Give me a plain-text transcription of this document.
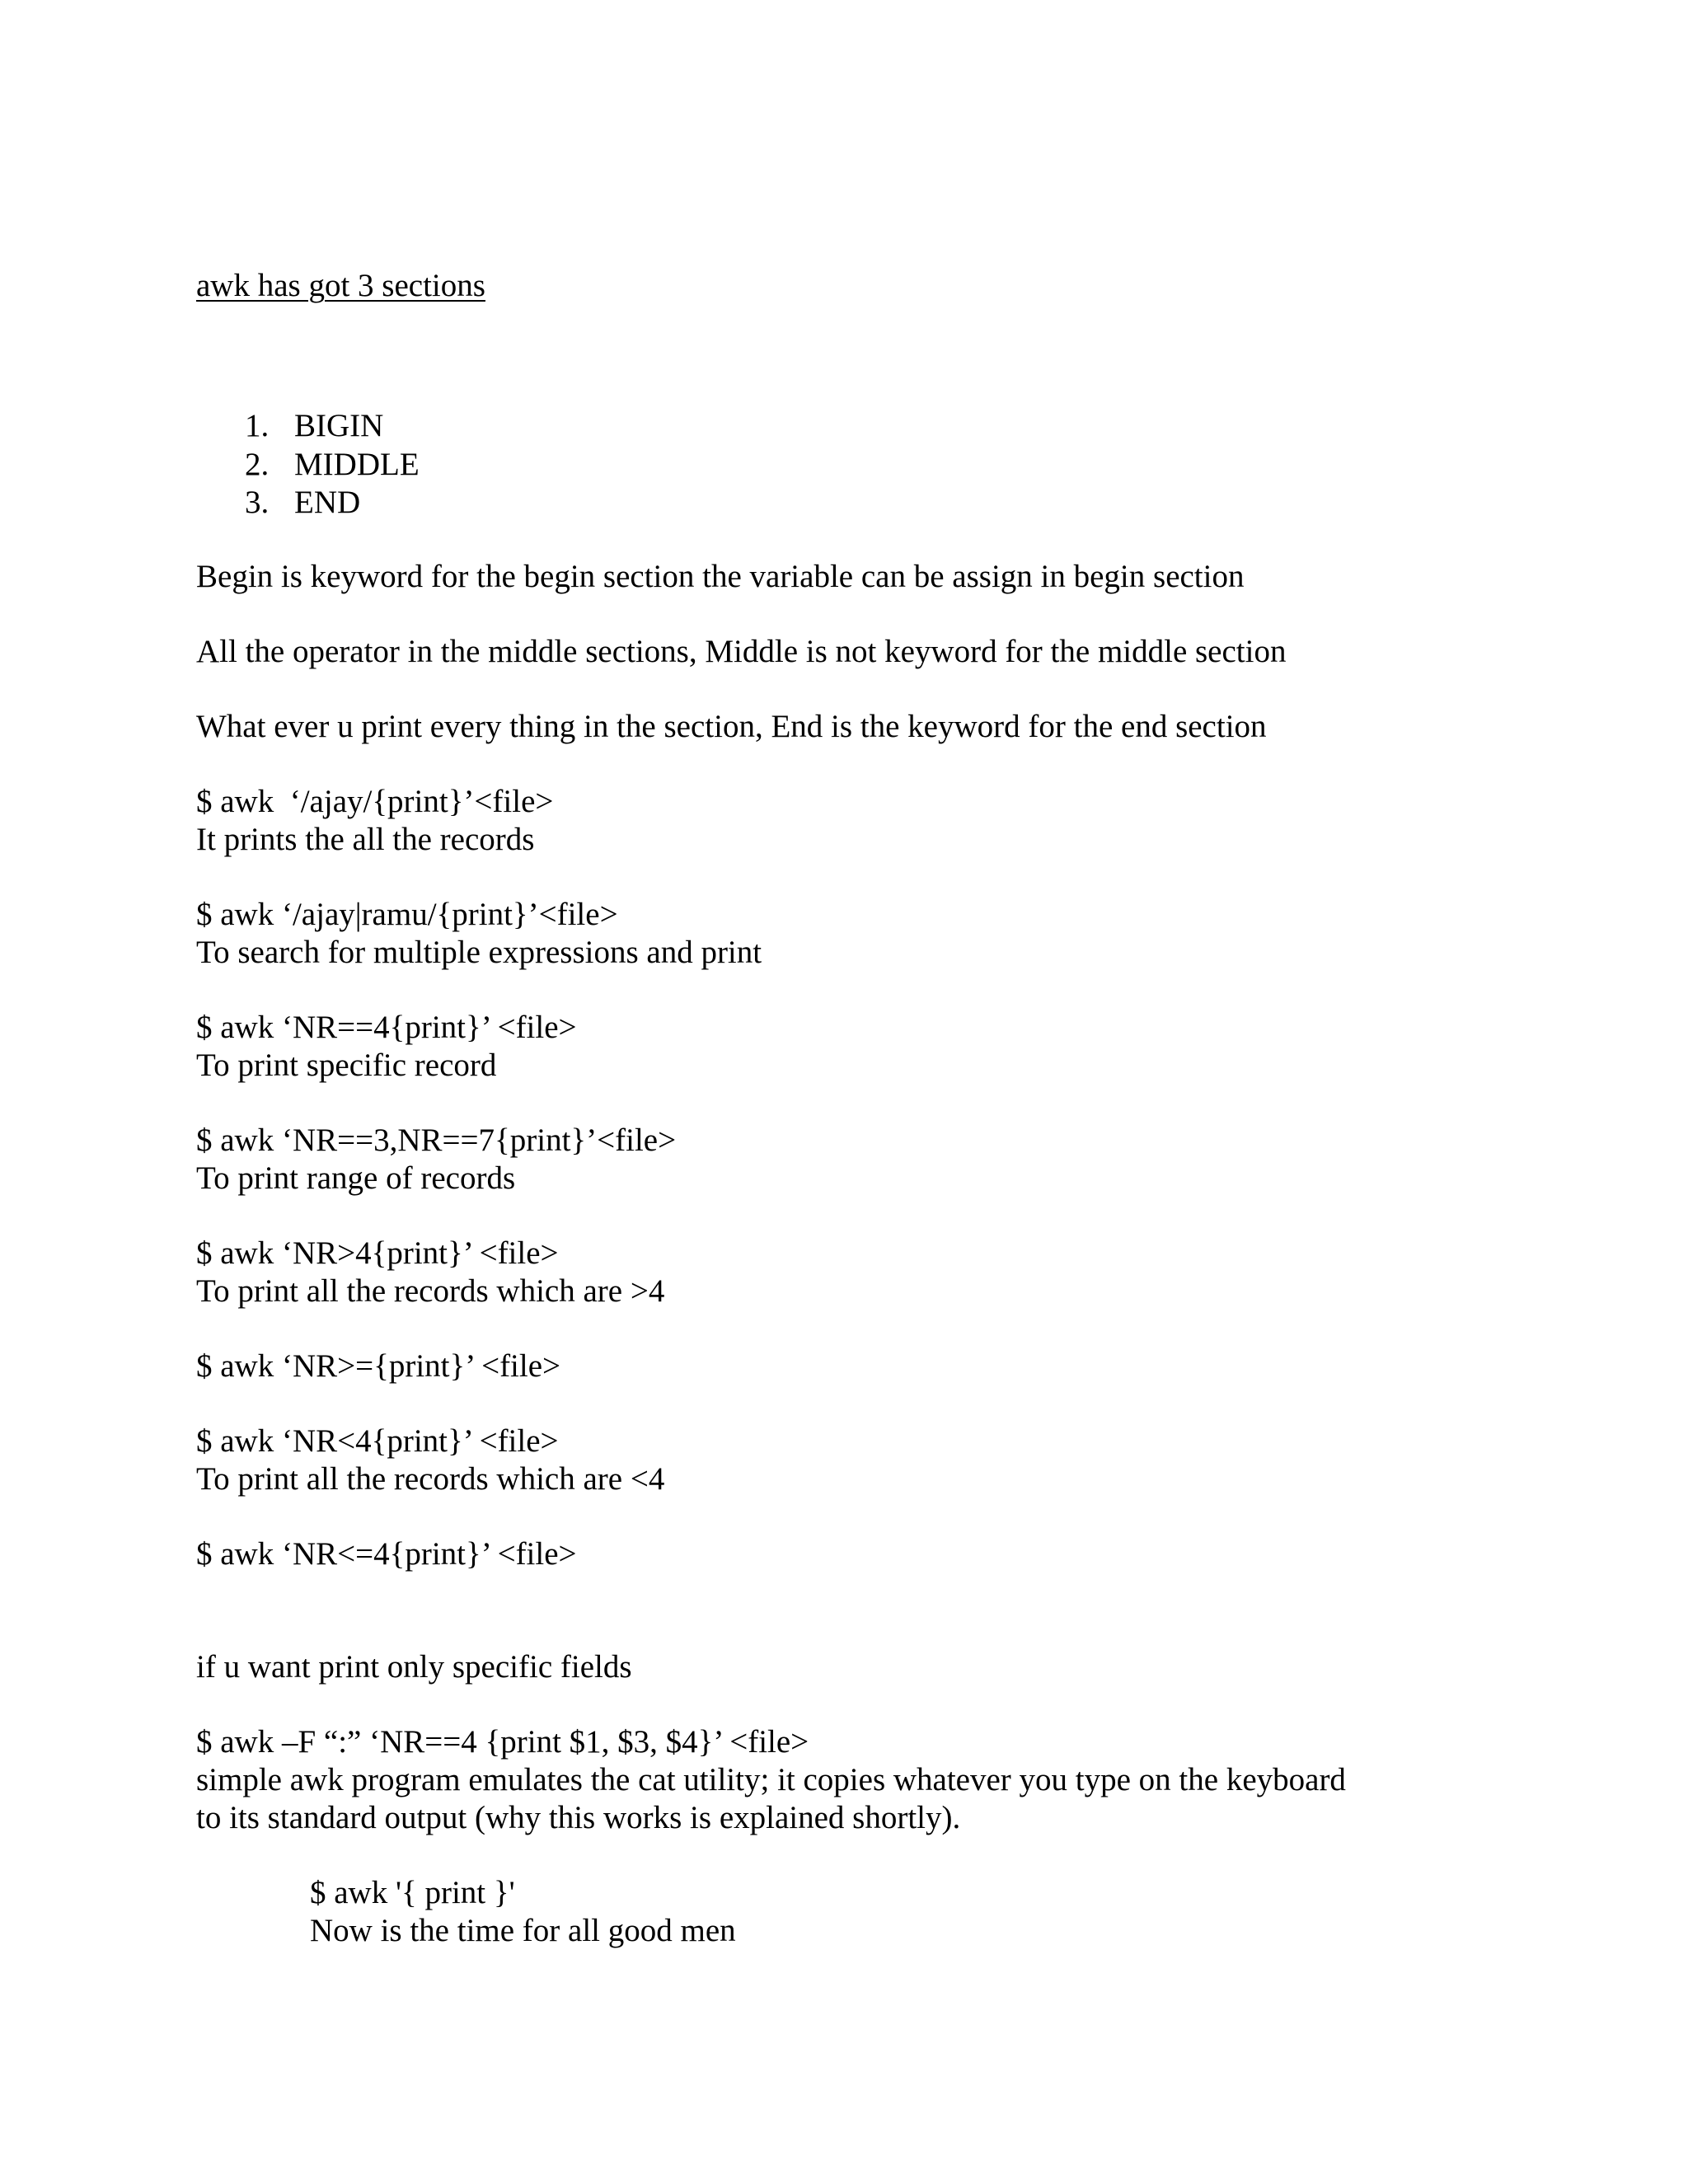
awk has got 3 sections
1. BIGIN
2. MIDDLE
3. END
Begin is keyword for the begin section the variable can be assign in begin section
All the operator in the middle sections, Middle is not keyword for the middle section
What ever u print every thing in the section, End is the keyword for the end section
$ awk  ‘/ajay/{print}’<file>
It prints the all the records
$ awk ‘/ajay|ramu/{print}’<file>
To search for multiple expressions and print
$ awk ‘NR==4{print}’ <file>
To print specific record
$ awk ‘NR==3,NR==7{print}’<file>
To print range of records
$ awk ‘NR>4{print}’ <file>
To print all the records which are >4
$ awk ‘NR>={print}’ <file>
$ awk ‘NR<4{print}’ <file>
To print all the records which are <4
$ awk ‘NR<=4{print}’ <file>
if u want print only specific fields
$ awk –F “:” ‘NR==4 {print $1, $3, $4}’ <file>
simple awk program emulates the cat utility; it copies whatever you type on the keyboard
to its standard output (why this works is explained shortly).
$ awk '{ print }'
Now is the time for all good men
